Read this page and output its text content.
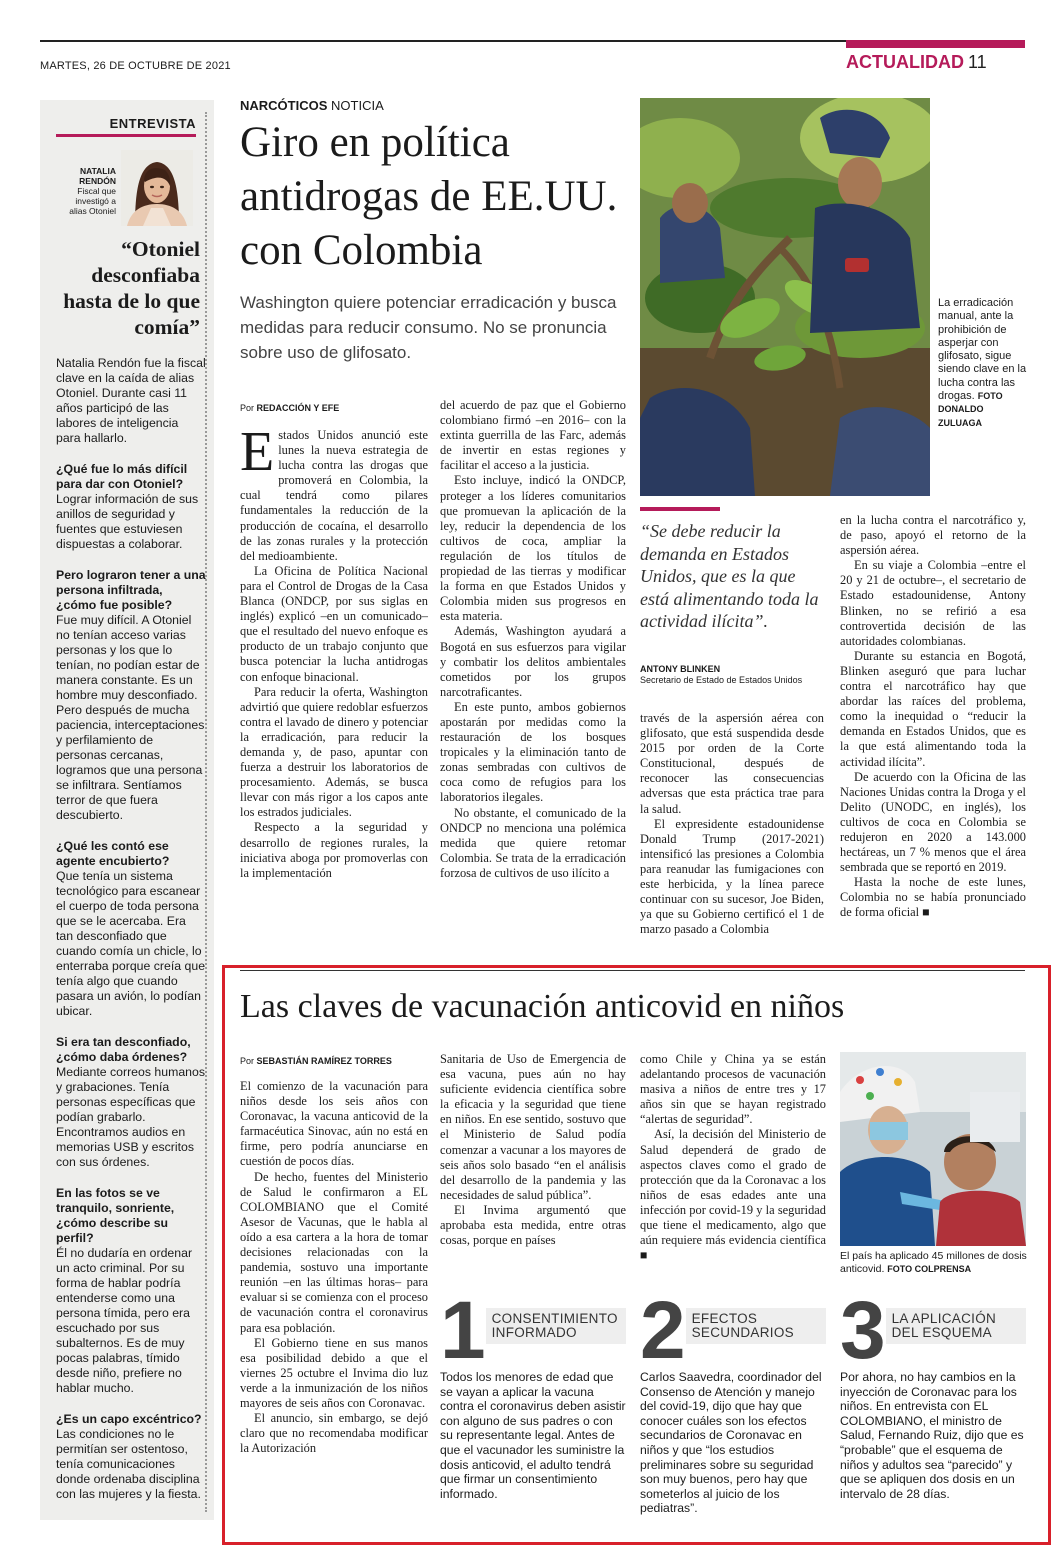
MARTES, 26 DE OCTUBRE DE 2021	ACTUALIDAD 11
ENTREVISTA
NATALIA RENDÓN
Fiscal que investigó a alias Otoniel
“Otoniel desconfiaba hasta de lo que comía”

Natalia Rendón fue la fiscal clave en la caída de alias Otoniel. Durante casi 11 años participó de las labores de inteligencia para hallarlo.

¿Qué fue lo más difícil para dar con Otoniel?
Lograr información de sus anillos de seguridad y fuentes que estuviesen dispuestas a colaborar.

Pero lograron tener a una persona infiltrada, ¿cómo fue posible?
Fue muy difícil. A Otoniel no tenían acceso varias personas y los que lo tenían, no podían estar de manera constante. Es un hombre muy desconfiado. Pero después de mucha paciencia, interceptaciones y perfilamiento de personas cercanas, logramos que una persona se infiltrara. Sentíamos terror de que fuera descubierto.

¿Qué les contó ese agente encubierto?
Que tenía un sistema tecnológico para escanear el cuerpo de toda persona que se le acercaba. Era tan desconfiado que cuando comía un chicle, lo enterraba porque creía que tenía algo que cuando pasara un avión, lo podían ubicar.

Si era tan desconfiado, ¿cómo daba órdenes?
Mediante correos humanos y grabaciones. Tenía personas específicas que podían grabarlo. Encontramos audios en memorias USB y escritos con sus órdenes.

En las fotos se ve tranquilo, sonriente, ¿cómo describe su perfil?
Él no dudaría en ordenar un acto criminal. Por su forma de hablar podría entenderse como una persona tímida, pero era escuchado por sus subalternos. Es de muy pocas palabras, tímido desde niño, prefiere no hablar mucho.

¿Es un capo excéntrico?
Las condiciones no le permitían ser ostentoso, tenía comunicaciones donde ordenaba disciplina con las mujeres y la fiesta.

NARCÓTICOS NOTICIA
Giro en política antidrogas de EE.UU. con Colombia
Washington quiere potenciar erradicación y busca medidas para reducir consumo. No se pronuncia sobre uso de glifosato.
La erradicación manual, ante la prohibición de asperjar con glifosato, sigue siendo clave en la lucha contra las drogas. FOTO DONALDO ZULUAGA
Por REDACCIÓN Y EFE

Estados Unidos anunció este lunes la nueva estrategia de lucha contra las drogas que promoverá en Colombia, la cual tendrá como pilares fundamentales la reducción de la producción de cocaína, el desarrollo de las zonas rurales y la protección del medioambiente.

La Oficina de Política Nacional para el Control de Drogas de la Casa Blanca (ONDCP, por sus siglas en inglés) explicó –en un comunicado– que el resultado del nuevo enfoque es producto de un trabajo conjunto que busca potenciar la lucha antidrogas con enfoque binacional.

Para reducir la oferta, Washington advirtió que quiere redoblar esfuerzos contra el lavado de dinero y potenciar la erradicación, para reducir la demanda y, de paso, apuntar con fuerza a destruir los laboratorios de procesamiento. Además, se busca llevar con más rigor a los capos ante los estrados judiciales.

Respecto a la seguridad y desarrollo de regiones rurales, la iniciativa aboga por promoverlas con la implementación

del acuerdo de paz que el Gobierno colombiano firmó –en 2016– con la extinta guerrilla de las Farc, además de invertir en estas regiones y facilitar el acceso a la justicia.

Esto incluye, indicó la ONDCP, proteger a los líderes comunitarios que promuevan la aplicación de la ley, reducir la dependencia de los cultivos de coca, ampliar la regulación de los títulos de propiedad de las tierras y modificar la forma en que Estados Unidos y Colombia miden sus progresos en esta materia.

Además, Washington ayudará a Bogotá en sus esfuerzos para vigilar y combatir los delitos ambientales cometidos por los grupos narcotraficantes.

En este punto, ambos gobiernos apostarán por medidas como la restauración de los bosques tropicales y la eliminación tanto de zonas sembradas con cultivos de coca como de refugios para los laboratorios ilegales.

No obstante, el comunicado de la ONDCP no menciona una polémica medida que quiere retomar Colombia. Se trata de la erradicación forzosa de cultivos de uso ilícito a

“Se debe reducir la demanda en Estados Unidos, que es la que está alimentando toda la actividad ilícita”.
ANTONY BLINKEN
Secretario de Estado de Estados Unidos

través de la aspersión aérea con glifosato, que está suspendida desde 2015 por orden de la Corte Constitucional, después de reconocer las consecuencias adversas que esta práctica trae para la salud.

El expresidente estadounidense Donald Trump (2017-2021) intensificó las presiones a Colombia para reanudar las fumigaciones con este herbicida, y la línea parece continuar con su sucesor, Joe Biden, ya que su Gobierno certificó el 1 de marzo pasado a Colombia

en la lucha contra el narcotráfico y, de paso, apoyó el retorno de la aspersión aérea.

En su viaje a Colombia –entre el 20 y 21 de octubre–, el secretario de Estado estadounidense, Antony Blinken, no se refirió a esa controvertida decisión de las autoridades colombianas.

Durante su estancia en Bogotá, Blinken aseguró que para luchar contra el narcotráfico hay que abordar las raíces del problema, como la inequidad o “reducir la demanda en Estados Unidos, que es la que está alimentando toda la actividad ilícita”.

De acuerdo con la Oficina de las Naciones Unidas contra la Droga y el Delito (UNODC, en inglés), los cultivos de coca en Colombia se redujeron en 2020 a 143.000 hectáreas, un 7 % menos que el área sembrada que se reportó en 2019.

Hasta la noche de este lunes, Colombia no se había pronunciado de forma oficial ■

Las claves de vacunación anticovid en niños
Por SEBASTIÁN RAMÍREZ TORRES

El comienzo de la vacunación para niños desde los seis años con Coronavac, la vacuna anticovid de la farmacéutica Sinovac, aún no está en firme, pero podría anunciarse en cuestión de pocos días.

De hecho, fuentes del Ministerio de Salud le confirmaron a EL COLOMBIANO que el Comité Asesor de Vacunas, que le habla al oído a esa cartera a la hora de tomar decisiones relacionadas con la pandemia, sostuvo una importante reunión –en las últimas horas– para evaluar si se comienza con el proceso de vacunación contra el coronavirus para esa población.

El Gobierno tiene en sus manos esa posibilidad debido a que el viernes 25 octubre el Invima dio luz verde a la inmunización de los niños mayores de seis años con Coronavac.

El anuncio, sin embargo, se dejó claro que no recomendaba modificar la Autorización

Sanitaria de Uso de Emergencia de esa vacuna, pues aún no hay suficiente evidencia científica sobre la eficacia y la seguridad que tiene en niños. En ese sentido, sostuvo que el Ministerio de Salud podía comenzar a vacunar a los mayores de seis años solo basado “en el análisis del desarrollo de la pandemia y las necesidades de salud pública”.

El Invima argumentó que aprobaba esta medida, entre otras cosas, porque en países

como Chile y China ya se están adelantando procesos de vacunación masiva a niños de entre tres y 17 años sin que se hayan registrado “alertas de seguridad”.

Así, la decisión del Ministerio de Salud dependerá de grado de aspectos claves como el grado de protección que da la Coronavac a los niños de esas edades ante una infección por covid-19 y la seguridad que tiene el medicamento, algo que aún requiere más evidencia científica ■	El país ha aplicado 45 millones de dosis anticovid. FOTO COLPRENSA
1 CONSENTIMIENTO INFORMADO
Todos los menores de edad que se vayan a aplicar la vacuna contra el coronavirus deben asistir con alguno de sus padres o con su representante legal. Antes de que el vacunador les suministre la dosis anticovid, el adulto tendrá que firmar un consentimiento informado.
2 EFECTOS SECUNDARIOS
Carlos Saavedra, coordinador del Consenso de Atención y manejo del covid-19, dijo que hay que conocer cuáles son los efectos secundarios de Coronavac en niños y que “los estudios preliminares sobre su seguridad son muy buenos, pero hay que someterlos al juicio de los pediatras”.
3 LA APLICACIÓN DEL ESQUEMA
Por ahora, no hay cambios en la inyección de Coronavac para los niños. En entrevista con EL COLOMBIANO, el ministro de Salud, Fernando Ruiz, dijo que es “probable” que el esquema de niños y adultos sea “parecido” y que se apliquen dos dosis en un intervalo de 28 días.
